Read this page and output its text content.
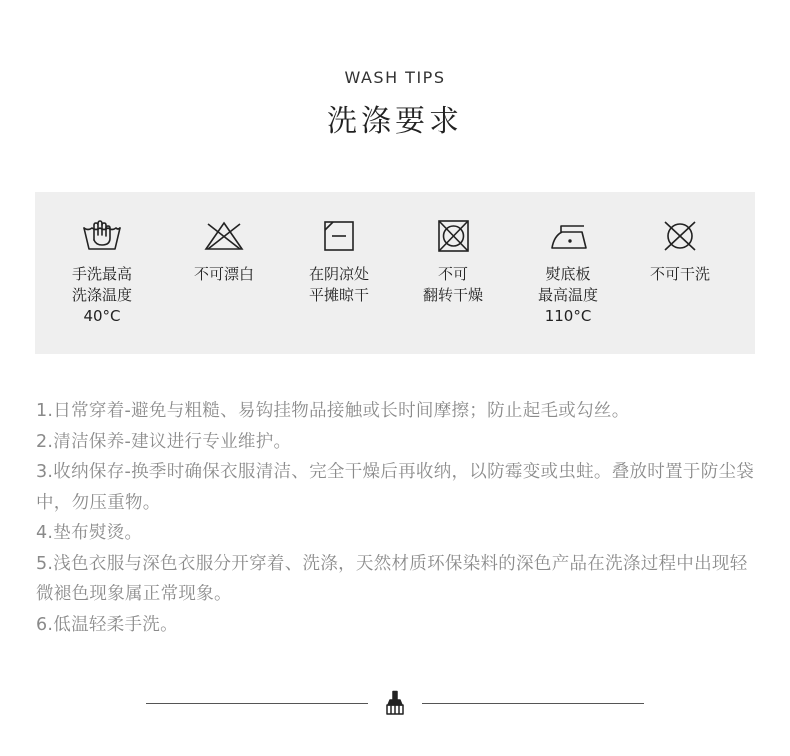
WASH TIPS
洗涤要求
手洗最高
洗涤温度
40°C
不可漂白	在阴凉处
平摊晾干
不可
翻转干燥
熨底板
最高温度
110°C
不可干洗

1.日常穿着-避免与粗糙、易钩挂物品接触或长时间摩擦；防止起毛或勾丝。

2.清洁保养-建议进行专业维护。

3.收纳保存-换季时确保衣服清洁、完全干燥后再收纳，以防霉变或虫蛀。叠放时置于防尘袋中，勿压重物。

4.垫布熨烫。

5.浅色衣服与深色衣服分开穿着、洗涤，天然材质环保染料的深色产品在洗涤过程中出现轻微褪色现象属正常现象。

6.低温轻柔手洗。
